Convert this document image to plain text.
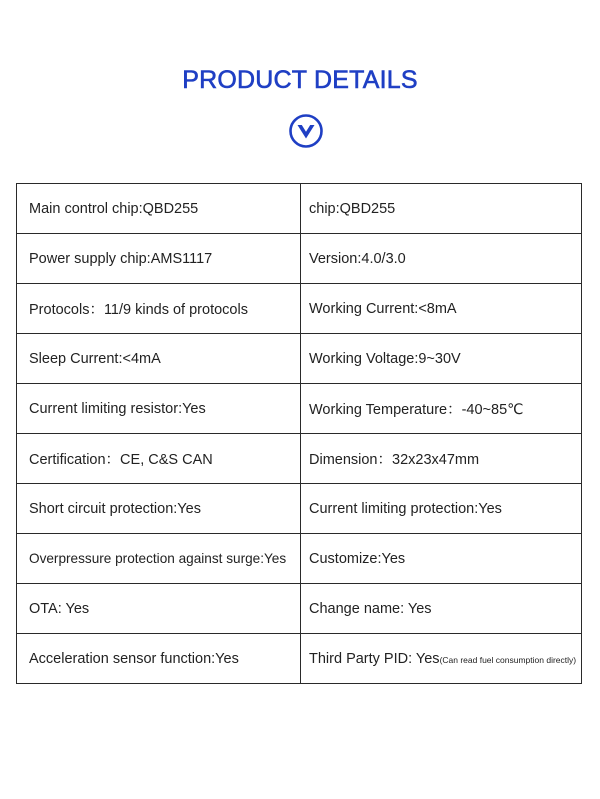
PRODUCT DETAILS
Main control chip:QBD255	chip:QBD255
Power supply chip:AMS1117	Version:4.0/3.0
Protocols：11/9 kinds of protocols	Working Current:<8mA
Sleep Current:<4mA	Working Voltage:9~30V
Current limiting resistor:Yes	Working Temperature：-40~85℃
Certification：CE, C&S CAN	Dimension：32x23x47mm
Short circuit protection:Yes	Current limiting protection:Yes
Overpressure protection against surge:Yes	Customize:Yes
OTA: Yes	Change name: Yes
Acceleration sensor function:Yes	Third Party PID: Yes(Can read fuel consumption directly)
